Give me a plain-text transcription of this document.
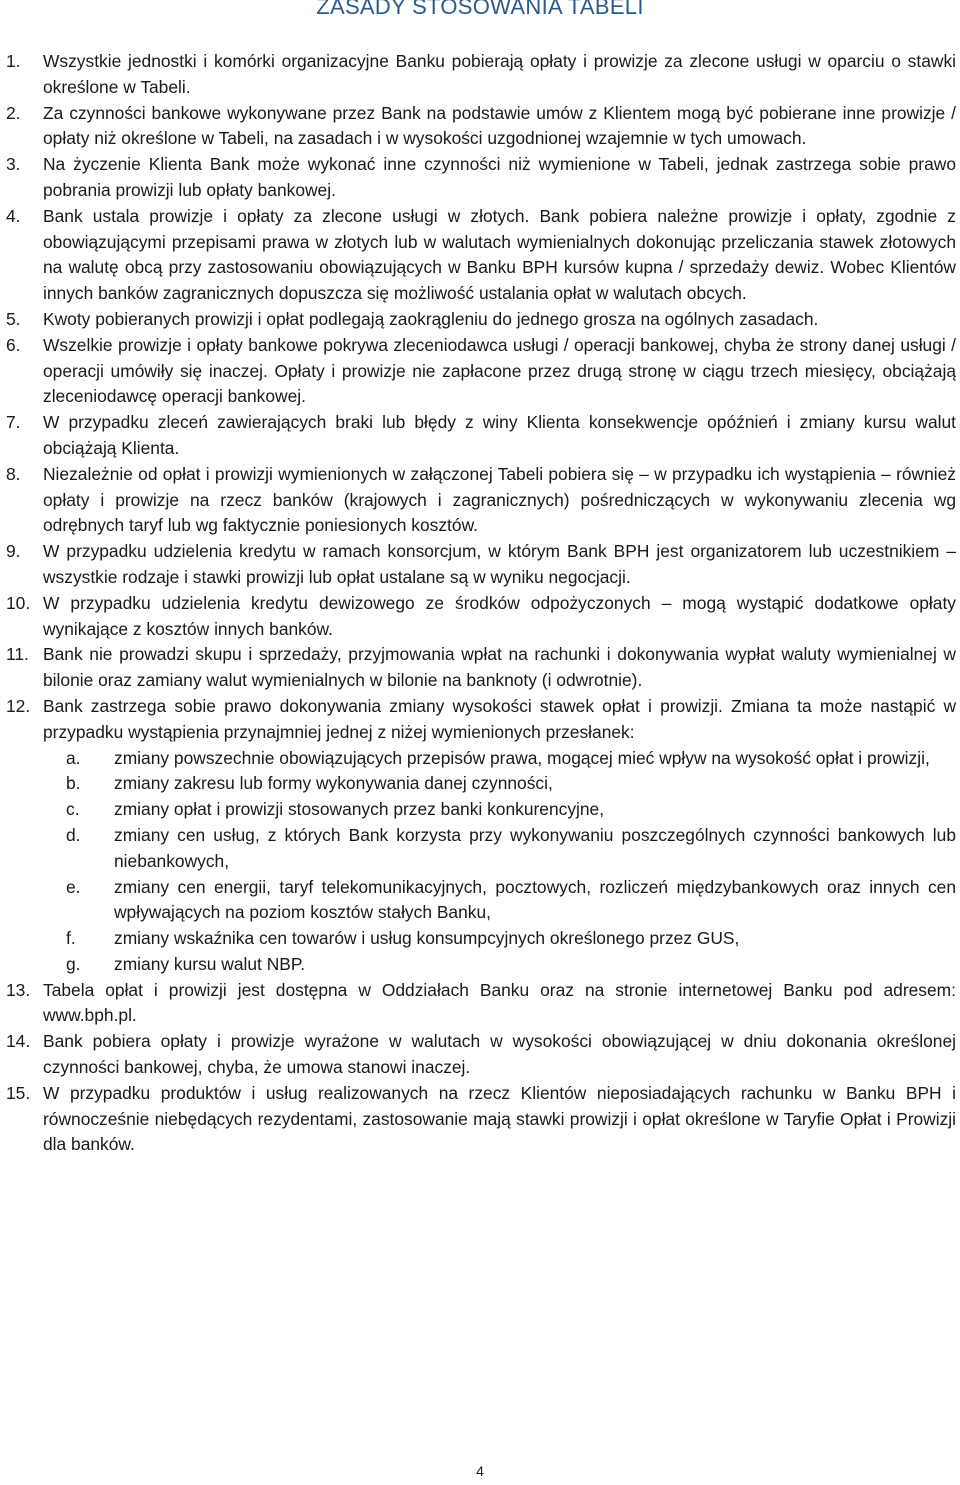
ZASADY STOSOWANIA TABELI
1.	Wszystkie jednostki i komórki organizacyjne Banku pobierają opłaty i prowizje za zlecone usługi w oparciu o stawki określone w Tabeli.
2.	Za czynności bankowe wykonywane przez Bank na podstawie umów z Klientem mogą być pobierane inne prowizje / opłaty niż określone w Tabeli, na zasadach i w wysokości uzgodnionej wzajemnie w tych umowach.
3.	Na życzenie Klienta Bank może wykonać inne czynności niż wymienione w Tabeli, jednak zastrzega sobie prawo pobrania prowizji lub opłaty bankowej.
4.	Bank ustala prowizje i opłaty za zlecone usługi w złotych. Bank pobiera należne prowizje i opłaty, zgodnie z obowiązującymi przepisami prawa w złotych lub w walutach wymienialnych dokonując przeliczania stawek złotowych na walutę obcą przy zastosowaniu obowiązujących w Banku BPH kursów kupna / sprzedaży dewiz. Wobec Klientów innych banków zagranicznych dopuszcza się możliwość ustalania opłat w walutach obcych.
5.	Kwoty pobieranych prowizji i opłat podlegają zaokrągleniu do jednego grosza na ogólnych zasadach.
6.	Wszelkie prowizje i opłaty bankowe pokrywa zleceniodawca usługi / operacji bankowej, chyba że strony danej usługi / operacji umówiły się inaczej. Opłaty i prowizje nie zapłacone przez drugą stronę w ciągu trzech miesięcy, obciążają zleceniodawcę operacji bankowej.
7.	W przypadku zleceń zawierających braki lub błędy z winy Klienta konsekwencje opóźnień i zmiany kursu walut obciążają Klienta.
8.	Niezależnie od opłat i prowizji wymienionych w załączonej Tabeli pobiera się – w przypadku ich wystąpienia – również opłaty i prowizje na rzecz banków (krajowych i zagranicznych) pośredniczących w wykonywaniu zlecenia wg odrębnych taryf lub wg faktycznie poniesionych kosztów.
9.	W przypadku udzielenia kredytu w ramach konsorcjum, w którym Bank BPH jest organizatorem lub uczestnikiem – wszystkie rodzaje i stawki prowizji lub opłat ustalane są w wyniku negocjacji.
10. W przypadku udzielenia kredytu dewizowego ze środków odpożyczonych – mogą wystąpić dodatkowe opłaty wynikające z kosztów innych banków.
11. Bank nie prowadzi skupu i sprzedaży, przyjmowania wpłat na rachunki i dokonywania wypłat waluty wymienialnej w bilonie oraz zamiany walut wymienialnych w bilonie na banknoty (i odwrotnie).
12. Bank zastrzega sobie prawo dokonywania zmiany wysokości stawek opłat i prowizji. Zmiana ta może nastąpić w przypadku wystąpienia przynajmniej jednej z niżej wymienionych przesłanek:
a.	zmiany powszechnie obowiązujących przepisów prawa, mogącej mieć wpływ na wysokość opłat i prowizji,
b.	zmiany zakresu lub formy wykonywania danej czynności,
c.	zmiany opłat i prowizji stosowanych przez banki konkurencyjne,
d.	zmiany cen usług, z których Bank korzysta przy wykonywaniu poszczególnych czynności bankowych lub niebankowych,
e.	zmiany cen energii, taryf telekomunikacyjnych, pocztowych, rozliczeń międzybankowych oraz innych cen wpływających na poziom kosztów stałych Banku,
f.	zmiany wskaźnika cen towarów i usług konsumpcyjnych określonego przez GUS,
g.	zmiany kursu walut NBP.
13. Tabela opłat i prowizji jest dostępna w Oddziałach Banku oraz na stronie internetowej Banku pod adresem: www.bph.pl.
14. Bank pobiera opłaty i prowizje wyrażone w walutach w wysokości obowiązującej w dniu dokonania określonej czynności bankowej, chyba, że umowa stanowi inaczej.
15. W przypadku produktów i usług realizowanych na rzecz Klientów nieposiadających rachunku w Banku BPH i równocześnie niebędących rezydentami, zastosowanie mają stawki prowizji i opłat określone w Taryfie Opłat i Prowizji dla banków.
4
